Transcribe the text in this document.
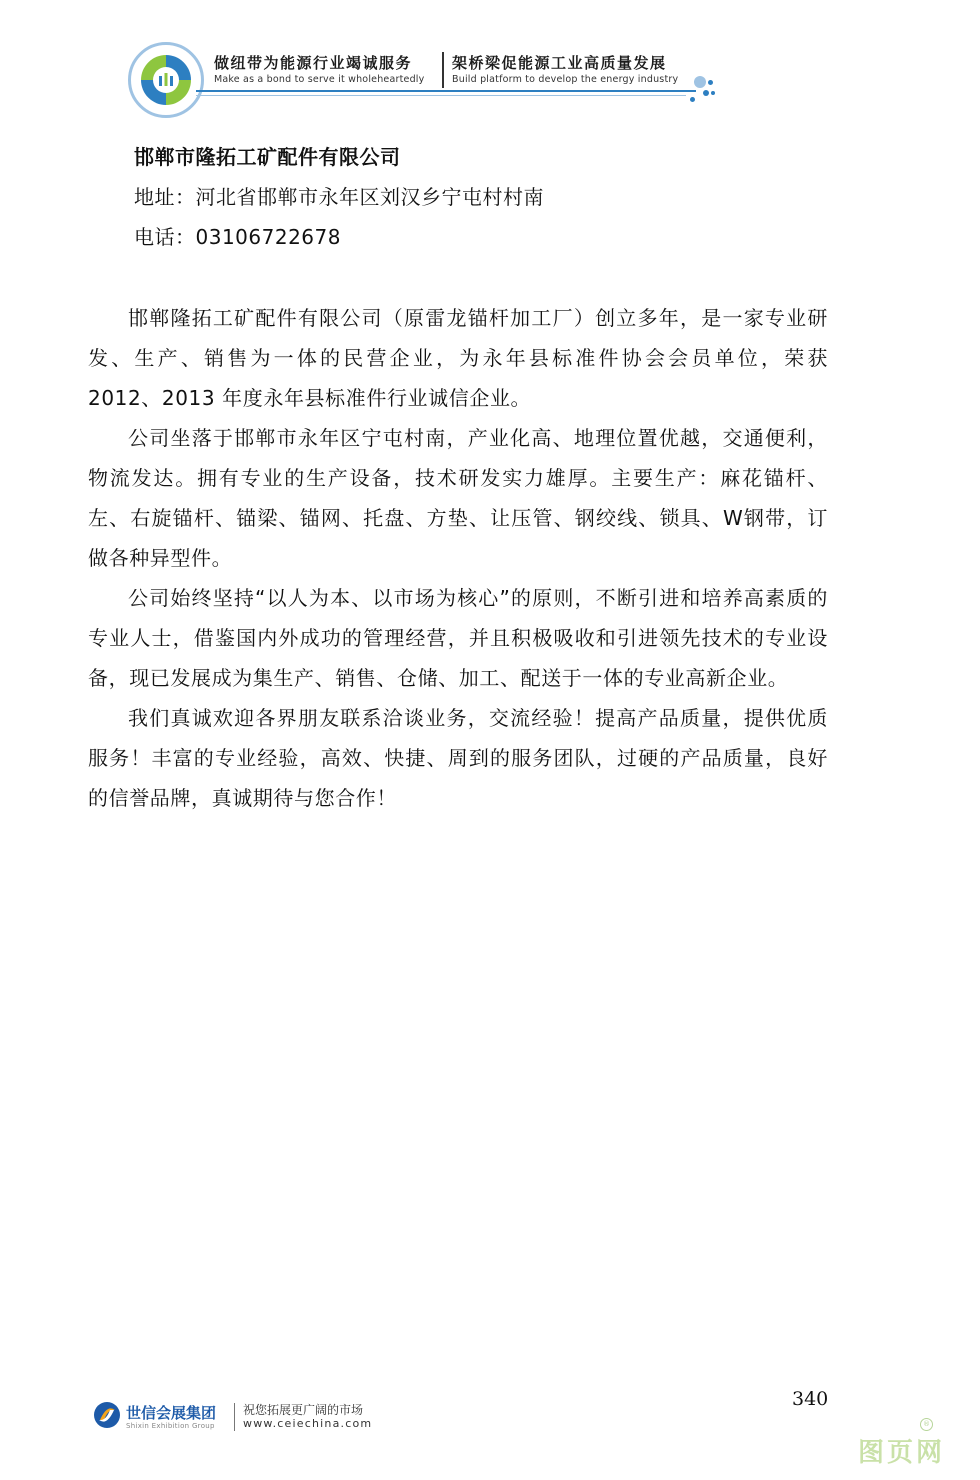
做纽带为能源行业竭诚服务	架桥梁促能源工业高质量发展
Make as a bond to serve it wholeheartedly	Build platform to develop the energy industry
邯郸市隆拓工矿配件有限公司
地址：河北省邯郸市永年区刘汉乡宁屯村村南
电话：03106722678

邯郸隆拓工矿配件有限公司（原雷龙锚杆加工厂）创立多年，是一家专业研发、生产、销售为一体的民营企业，为永年县标准件协会会员单位，荣获 2012、2013 年度永年县标准件行业诚信企业。

公司坐落于邯郸市永年区宁屯村南，产业化高、地理位置优越，交通便利，物流发达。拥有专业的生产设备，技术研发实力雄厚。主要生产：麻花锚杆、左、右旋锚杆、锚梁、锚网、托盘、方垫、让压管、钢绞线、锁具、W钢带，订做各种异型件。

公司始终坚持“以人为本、以市场为核心”的原则，不断引进和培养高素质的专业人士，借鉴国内外成功的管理经营，并且积极吸收和引进领先技术的专业设备，现已发展成为集生产、销售、仓储、加工、配送于一体的专业高新企业。

我们真诚欢迎各界朋友联系洽谈业务，交流经验！提高产品质量，提供优质服务！丰富的专业经验，高效、快捷、周到的服务团队，过硬的产品质量，良好的信誉品牌，真诚期待与您合作！

340
世信会展集团
Shixin Exhibition Group
祝您拓展更广阔的市场
www.ceiechina.com
图页网
®
